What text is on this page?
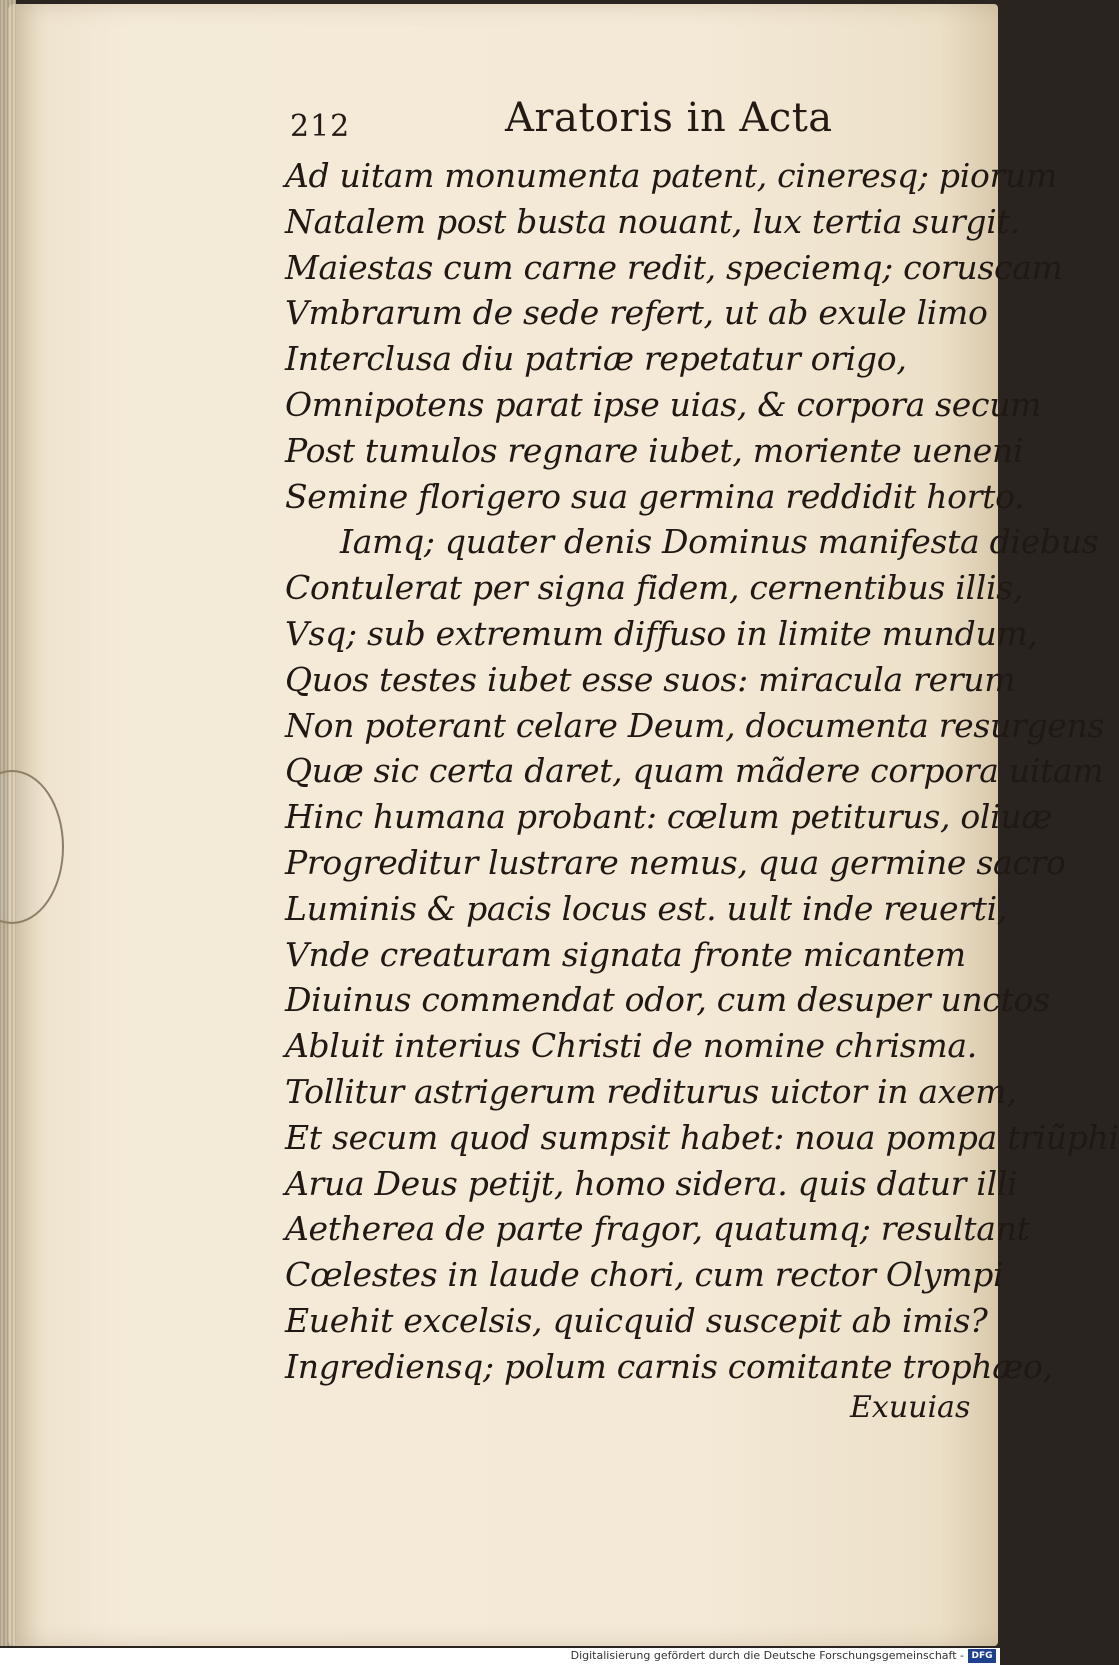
212	Aratoris in Acta
Ad uitam monumenta patent, cineresq; piorum
Natalem post busta nouant, lux tertia surgit.
Maiestas cum carne redit, speciemq; coruscam
Vmbrarum de sede refert, ut ab exule limo
Interclusa diu patriæ repetatur origo,
Omnipotens parat ipse uias, & corpora secum
Post tumulos regnare iubet, moriente ueneni
Semine florigero sua germina reddidit horto.
Iamq; quater denis Dominus manifesta diebus
Contulerat per signa fidem, cernentibus illis,
Vsq; sub extremum diffuso in limite mundum,
Quos testes iubet esse suos: miracula rerum
Non poterant celare Deum, documenta resurgens
Quæ sic certa daret, quam mãdere corpora uitam
Hinc humana probant: cœlum petiturus, oliuæ
Progreditur lustrare nemus, qua germine sacro
Luminis & pacis locus est. uult inde reuerti,
Vnde creaturam signata fronte micantem
Diuinus commendat odor, cum desuper unctos
Abluit interius Christi de nomine chrisma.
Tollitur astrigerum rediturus uictor in axem,
Et secum quod sumpsit habet: noua pompa triũphi
Arua Deus petijt, homo sidera. quis datur illi
Aetherea de parte fragor, quatumq; resultant
Cœlestes in laude chori, cum rector Olympi
Euehit excelsis, quicquid suscepit ab imis?
Ingrediensq; polum carnis comitante trophæo,
Exuuias
Digitalisierung gefördert durch die Deutsche Forschungsgemeinschaft - DFG
